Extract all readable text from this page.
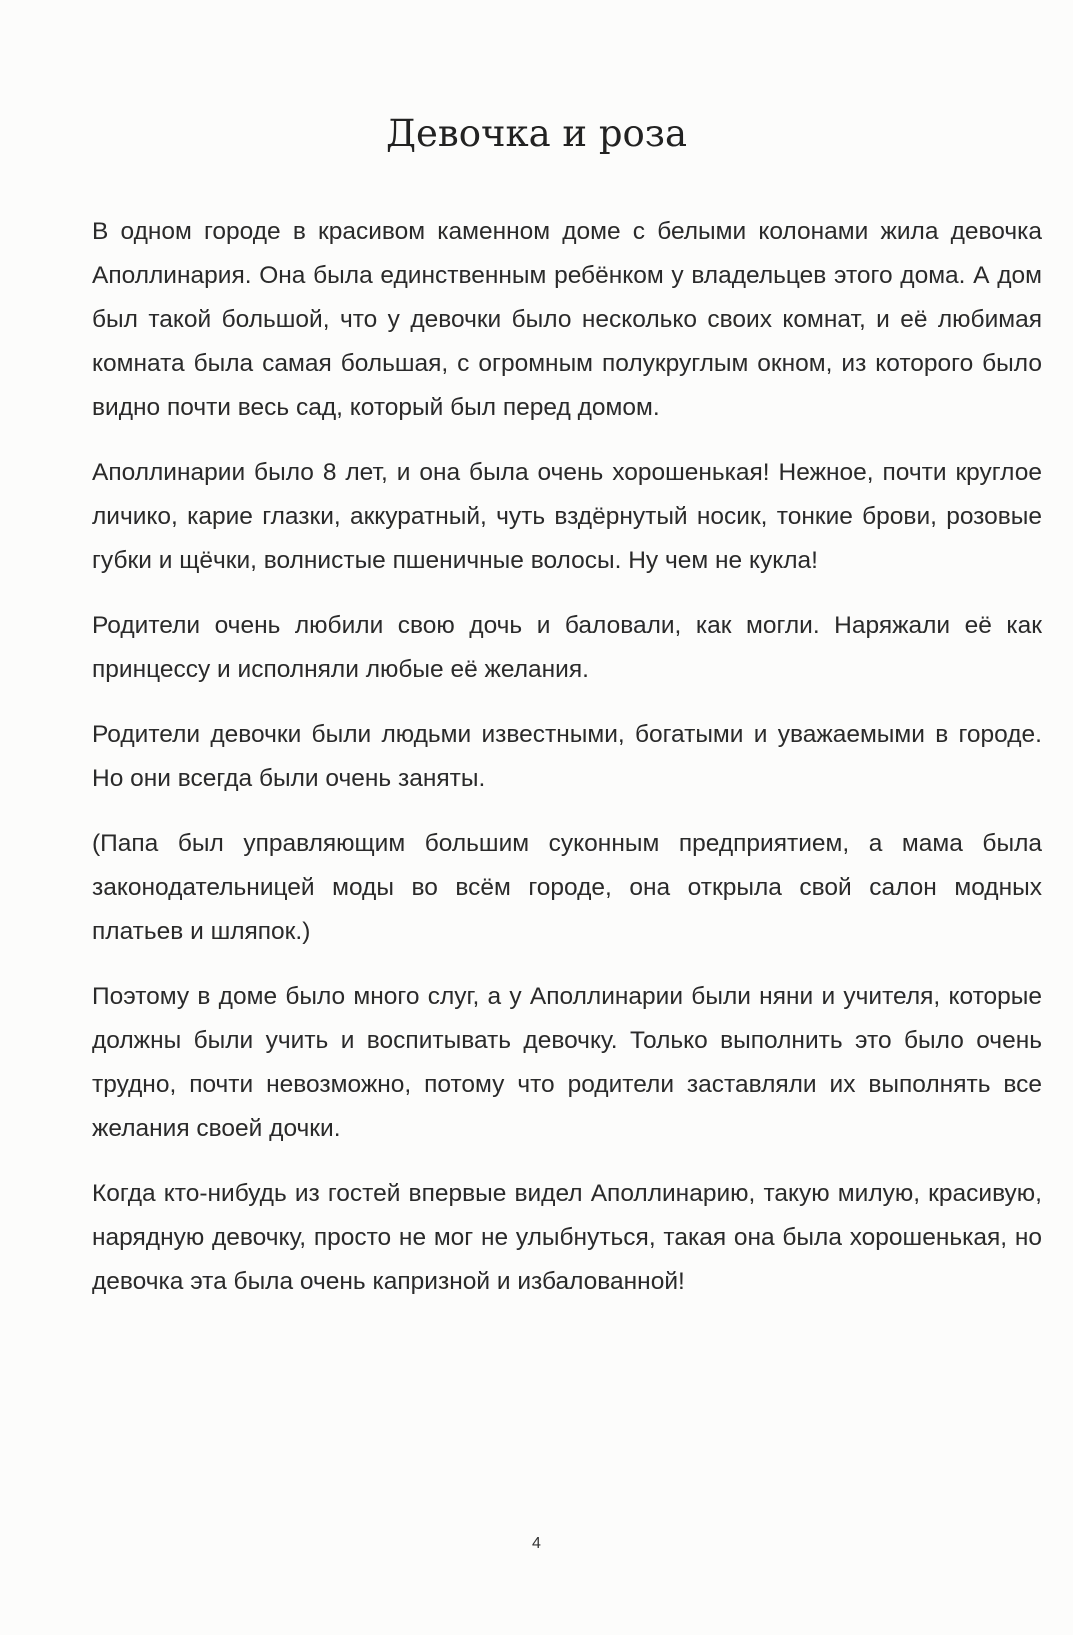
Девочка и роза

В одном городе в красивом каменном доме с белыми колонами жила девочка Аполлинария. Она была единственным ребёнком у владельцев этого дома. А дом был такой большой, что у девочки было несколько своих комнат, и её любимая комната была самая большая, с огромным полукруглым окном, из которого было видно почти весь сад, который был перед домом.

Аполлинарии было 8 лет, и она была очень хорошенькая! Нежное, почти круглое личико, карие глазки, аккуратный, чуть вздёрнутый носик, тонкие брови, розовые губки и щёчки, волнистые пшеничные волосы. Ну чем не кукла!

Родители очень любили свою дочь и баловали, как могли. Наряжали её как принцессу и исполняли любые её желания.

Родители девочки были людьми известными, богатыми и уважаемыми в городе. Но они всегда были очень заняты.

(Папа был управляющим большим суконным предприятием, а мама была законодательницей моды во всём городе, она открыла свой салон модных платьев и шляпок.)

Поэтому в доме было много слуг, а у Аполлинарии были няни и учителя, которые должны были учить и воспитывать девочку. Только выполнить это было очень трудно, почти невозможно, потому что родители заставляли их выполнять все желания своей дочки.

Когда кто-нибудь из гостей впервые видел Аполлинарию, такую милую, красивую, нарядную девочку, просто не мог не улыбнуться, такая она была хорошенькая, но девочка эта была очень капризной и избалованной!

4
